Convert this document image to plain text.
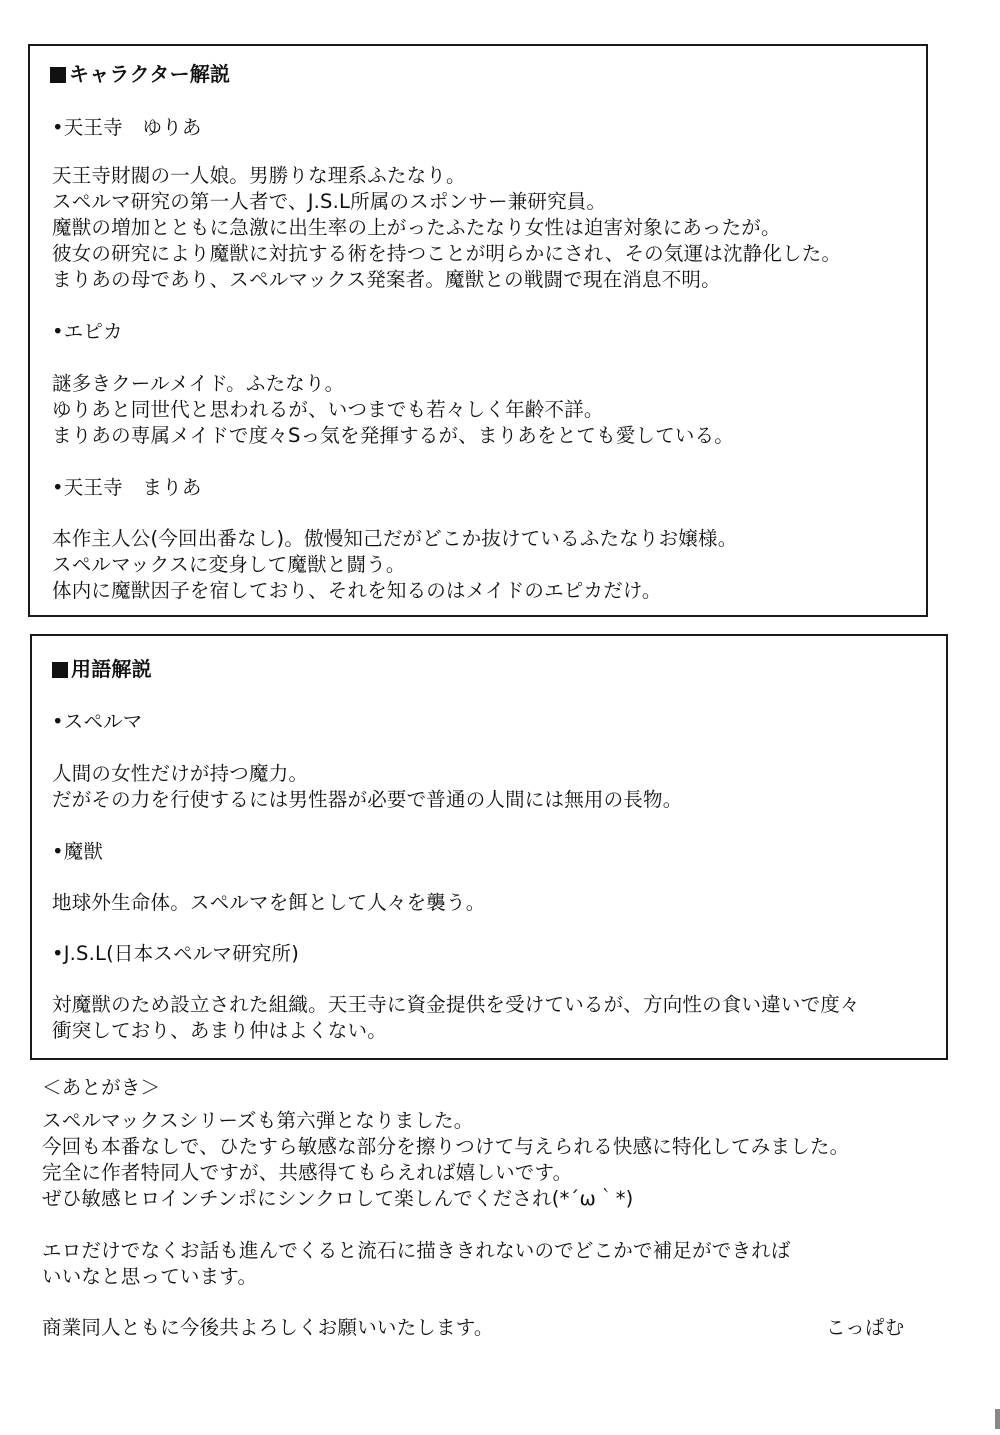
キャラクター解説
•天王寺　ゆりあ
天王寺財閥の一人娘。男勝りな理系ふたなり。
スペルマ研究の第一人者で、J.S.L所属のスポンサー兼研究員。
魔獣の増加とともに急激に出生率の上がったふたなり女性は迫害対象にあったが。
彼女の研究により魔獣に対抗する術を持つことが明らかにされ、その気運は沈静化した。
まりあの母であり、スペルマックス発案者。魔獣との戦闘で現在消息不明。
•エピカ
謎多きクールメイド。ふたなり。
ゆりあと同世代と思われるが、いつまでも若々しく年齢不詳。
まりあの専属メイドで度々Sっ気を発揮するが、まりあをとても愛している。
•天王寺　まりあ
本作主人公(今回出番なし)。傲慢知己だがどこか抜けているふたなりお嬢様。
スペルマックスに変身して魔獣と闘う。
体内に魔獣因子を宿しており、それを知るのはメイドのエピカだけ。
用語解説
•スペルマ
人間の女性だけが持つ魔力。
だがその力を行使するには男性器が必要で普通の人間には無用の長物。
•魔獣
地球外生命体。スペルマを餌として人々を襲う。
•J.S.L(日本スペルマ研究所)
対魔獣のため設立された組織。天王寺に資金提供を受けているが、方向性の食い違いで度々
衝突しており、あまり仲はよくない。
＜あとがき＞
スペルマックスシリーズも第六弾となりました。
今回も本番なしで、ひたすら敏感な部分を擦りつけて与えられる快感に特化してみました。
完全に作者特同人ですが、共感得てもらえれば嬉しいです。
ぜひ敏感ヒロインチンポにシンクロして楽しんでくだされ(*´ω｀*)
エロだけでなくお話も進んでくると流石に描ききれないのでどこかで補足ができれば
いいなと思っています。
商業同人ともに今後共よろしくお願いいたします。	こっぱむ
